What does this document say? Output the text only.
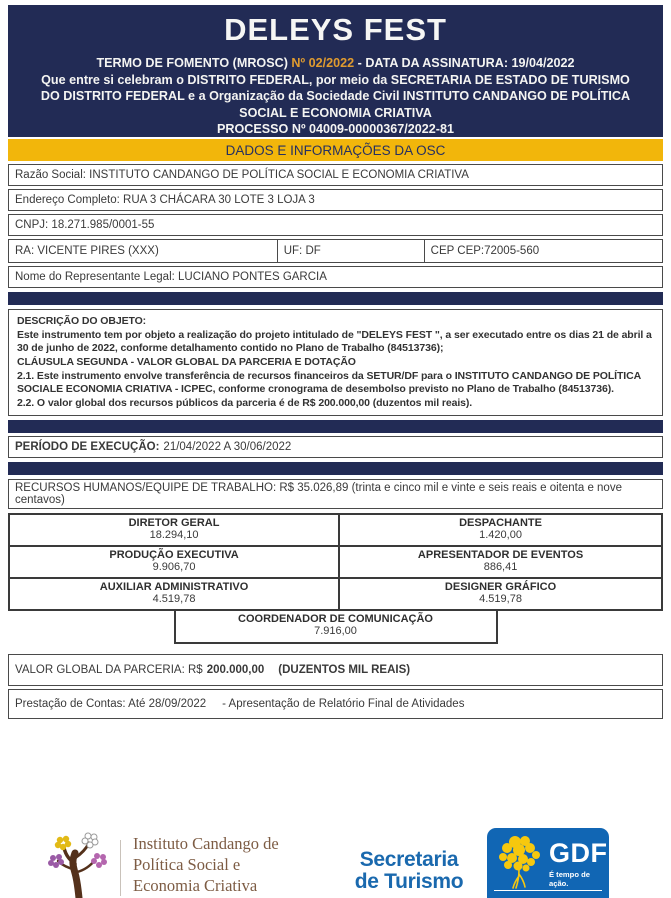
DELEYS FEST
TERMO DE FOMENTO (MROSC) Nº 02/2022 - DATA DA ASSINATURA: 19/04/2022
Que entre si celebram o DISTRITO FEDERAL, por meio da SECRETARIA DE ESTADO DE TURISMO
DO DISTRITO FEDERAL e a Organização da Sociedade Civil INSTITUTO CANDANGO DE POLÍTICA
SOCIAL E ECONOMIA CRIATIVA
PROCESSO Nº 04009-00000367/2022-81
DADOS E INFORMAÇÕES DA OSC
Razão Social: INSTITUTO CANDANGO DE POLÍTICA SOCIAL E ECONOMIA CRIATIVA
Endereço Completo: RUA 3 CHÁCARA 30 LOTE 3 LOJA 3
CNPJ: 18.271.985/0001-55
RA: VICENTE PIRES (XXX)	UF: DF	CEP CEP:72005-560
Nome do Representante Legal: LUCIANO PONTES GARCIA
DESCRIÇÃO DO OBJETO:
Este instrumento tem por objeto a realização do projeto intitulado de "DELEYS FEST ", a ser executado entre os dias 21 de abril a 30 de junho de 2022, conforme detalhamento contido no Plano de Trabalho (84513736);
CLÁUSULA SEGUNDA - VALOR GLOBAL DA PARCERIA E DOTAÇÃO
2.1. Este instrumento envolve transferência de recursos financeiros da SETUR/DF para o INSTITUTO CANDANGO DE POLÍTICA SOCIALE ECONOMIA CRIATIVA - ICPEC, conforme cronograma de desembolso previsto no Plano de Trabalho (84513736).
2.2. O valor global dos recursos públicos da parceria é de R$ 200.000,00 (duzentos mil reais).
PERÍODO DE EXECUÇÃO: 21/04/2022 A 30/06/2022
RECURSOS HUMANOS/EQUIPE DE TRABALHO: R$ 35.026,89 (trinta e cinco mil e vinte e seis reais e oitenta e nove centavos)
DIRETOR GERAL
18.294,10
DESPACHANTE
1.420,00
PRODUÇÃO EXECUTIVA
9.906,70
APRESENTADOR DE EVENTOS
886,41
AUXILIAR ADMINISTRATIVO
4.519,78
DESIGNER GRÁFICO
4.519,78
COORDENADOR DE COMUNICAÇÃO
7.916,00
VALOR GLOBAL DA PARCERIA: R$ 200.000,00 (DUZENTOS MIL REAIS)
Prestação de Contas: Até 28/09/2022 - Apresentação de Relatório Final de Atividades
Instituto Candango de
Política Social e
Economia Criativa
Secretaria
de Turismo
GDF
É tempo de ação.
